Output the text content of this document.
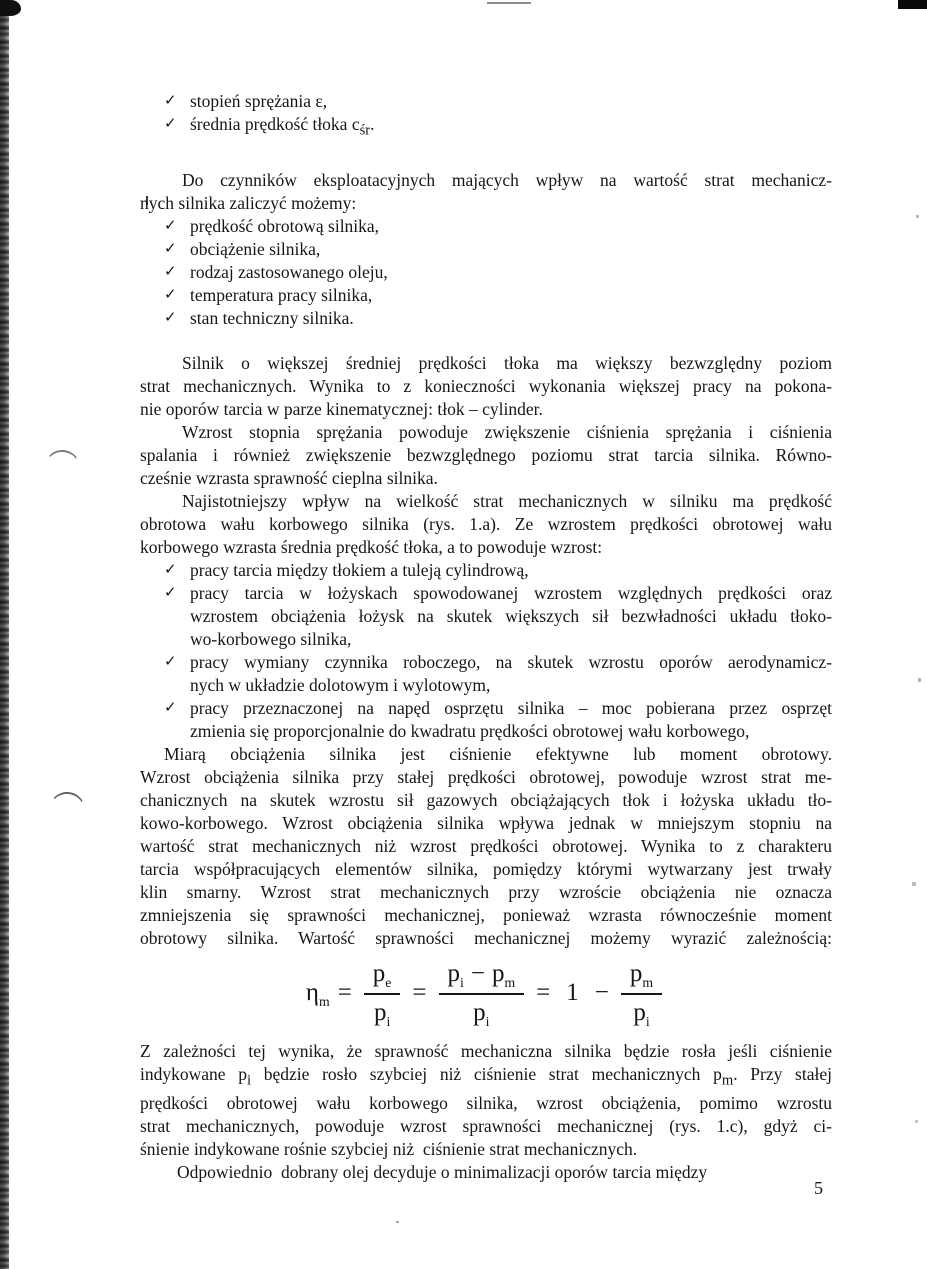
✓ stopień sprężania ε,
✓ średnia prędkość tłoka $c_{śr}$.
Do czynników eksploatacyjnych mających wpływ na wartość strat mechanicz-
nych silnika zaliczyć możemy:
✓ prędkość obrotową silnika,
✓ obciążenie silnika,
✓ rodzaj zastosowanego oleju,
✓ temperatura pracy silnika,
✓ stan techniczny silnika.
Silnik o większej średniej prędkości tłoka ma większy bezwzględny poziom
strat mechanicznych. Wynika to z konieczności wykonania większej pracy na pokona-
nie oporów tarcia w parze kinematycznej: tłok – cylinder.
Wzrost stopnia sprężania powoduje zwiększenie ciśnienia sprężania i ciśnienia
spalania i również zwiększenie bezwzględnego poziomu strat tarcia silnika. Równo-
cześnie wzrasta sprawność cieplna silnika.
Najistotniejszy wpływ na wielkość strat mechanicznych w silniku ma prędkość
obrotowa wału korbowego silnika (rys. 1.a). Ze wzrostem prędkości obrotowej wału
korbowego wzrasta średnia prędkość tłoka, a to powoduje wzrost:
✓ pracy tarcia między tłokiem a tuleją cylindrową,
✓ pracy tarcia w łożyskach spowodowanej wzrostem względnych prędkości oraz
wzrostem obciążenia łożysk na skutek większych sił bezwładności układu tłoko-
wo-korbowego silnika,
✓ pracy wymiany czynnika roboczego, na skutek wzrostu oporów aerodynamicz-
nych w układzie dolotowym i wylotowym,
✓ pracy przeznaczonej na napęd osprzętu silnika – moc pobierana przez osprzęt
zmienia się proporcjonalnie do kwadratu prędkości obrotowej wału korbowego,
Miarą obciążenia silnika jest ciśnienie efektywne lub moment obrotowy.
Wzrost obciążenia silnika przy stałej prędkości obrotowej, powoduje wzrost strat me-
chanicznych na skutek wzrostu sił gazowych obciążających tłok i łożyska układu tło-
kowo-korbowego. Wzrost obciążenia silnika wpływa jednak w mniejszym stopniu na
wartość strat mechanicznych niż wzrost prędkości obrotowej. Wynika to z charakteru
tarcia współpracujących elementów silnika, pomiędzy którymi wytwarzany jest trwały
klin smarny. Wzrost strat mechanicznych przy wzroście obciążenia nie oznacza
zmniejszenia się sprawności mechanicznej, ponieważ wzrasta równocześnie moment
obrotowy silnika. Wartość sprawności mechanicznej możemy wyrazić zależnością:
$\eta_m = \frac{p_e}{p_i} = \frac{p_i - p_m}{p_i} = 1 - \frac{p_m}{p_i}$
Z zależności tej wynika, że sprawność mechaniczna silnika będzie rosła jeśli ciśnienie
indykowane $p_i$ będzie rosło szybciej niż ciśnienie strat mechanicznych $p_m$. Przy stałej
prędkości obrotowej wału korbowego silnika, wzrost obciążenia, pomimo wzrostu
strat mechanicznych, powoduje wzrost sprawności mechanicznej (rys. 1.c), gdyż ci-
śnienie indykowane rośnie szybciej niż  ciśnienie strat mechanicznych.
Odpowiednio  dobrany olej decyduje o minimalizacji oporów tarcia między
5
